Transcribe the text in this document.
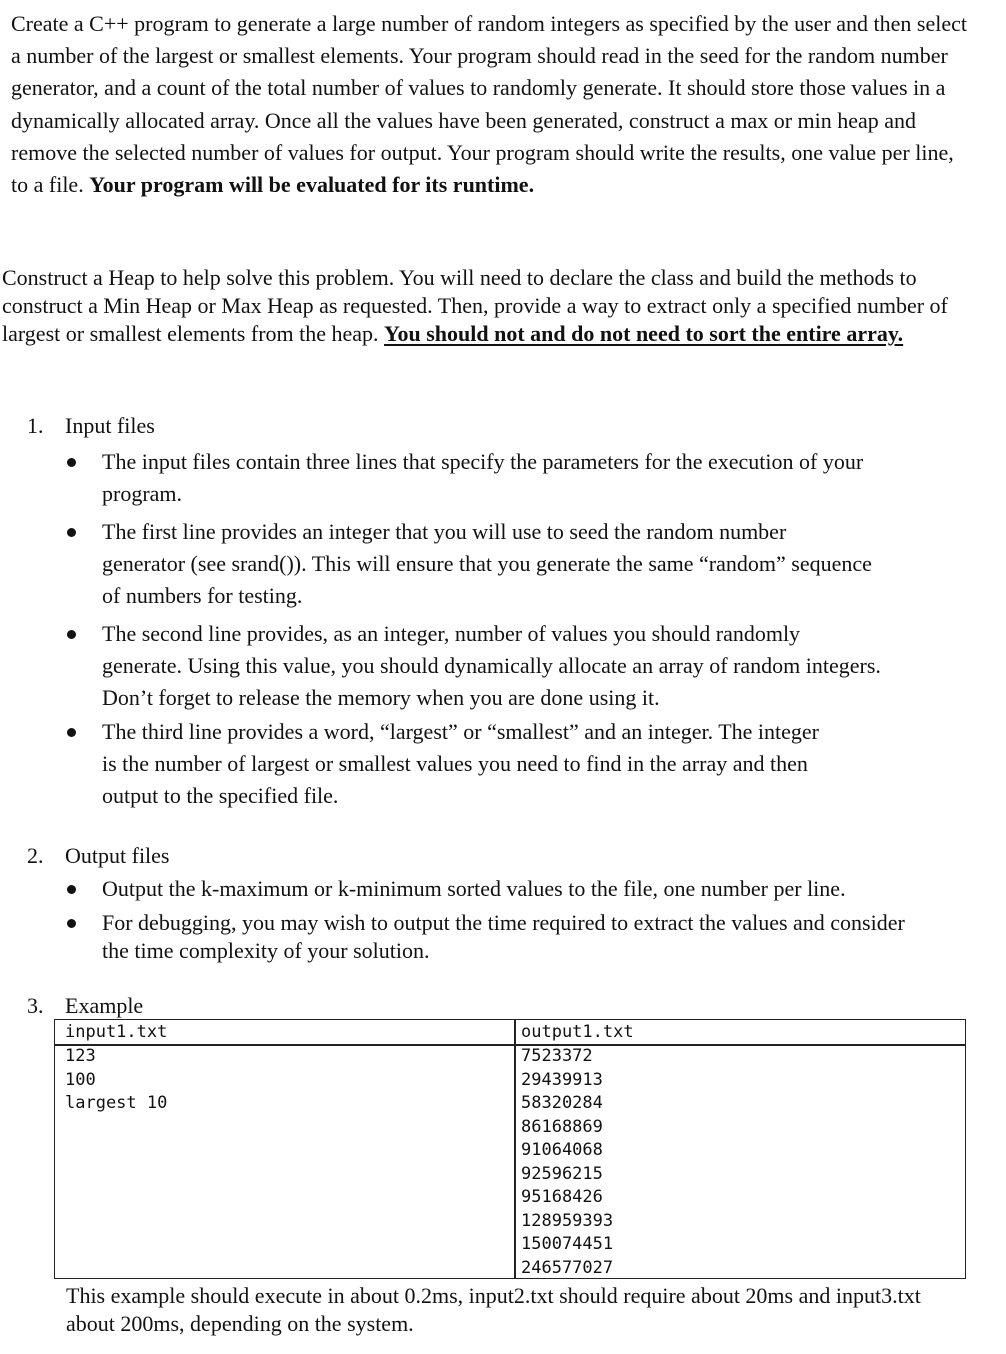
Create a C++ program to generate a large number of random integers as specified by the user and then select a number of the largest or smallest elements. Your program should read in the seed for the random number generator, and a count of the total number of values to randomly generate. It should store those values in a dynamically allocated array. Once all the values have been generated, construct a max or min heap and remove the selected number of values for output. Your program should write the results, one value per line, to a file. Your program will be evaluated for its runtime.
Construct a Heap to help solve this problem. You will need to declare the class and build the methods to construct a Min Heap or Max Heap as requested. Then, provide a way to extract only a specified number of largest or smallest elements from the heap. You should not and do not need to sort the entire array.
1. Input files
The input files contain three lines that specify the parameters for the execution of your program.
The first line provides an integer that you will use to seed the random number generator (see srand()). This will ensure that you generate the same “random” sequence of numbers for testing.
The second line provides, as an integer, number of values you should randomly generate. Using this value, you should dynamically allocate an array of random integers. Don’t forget to release the memory when you are done using it.
The third line provides a word, “largest” or “smallest” and an integer. The integer is the number of largest or smallest values you need to find in the array and then output to the specified file.
2. Output files
Output the k-maximum or k-minimum sorted values to the file, one number per line.
For debugging, you may wish to output the time required to extract the values and consider the time complexity of your solution.
3. Example
input1.txt	output1.txt
123
100
largest 10
7523372
29439913
58320284
86168869
91064068
92596215
95168426
128959393
150074451
246577027
This example should execute in about 0.2ms, input2.txt should require about 20ms and input3.txt about 200ms, depending on the system.
